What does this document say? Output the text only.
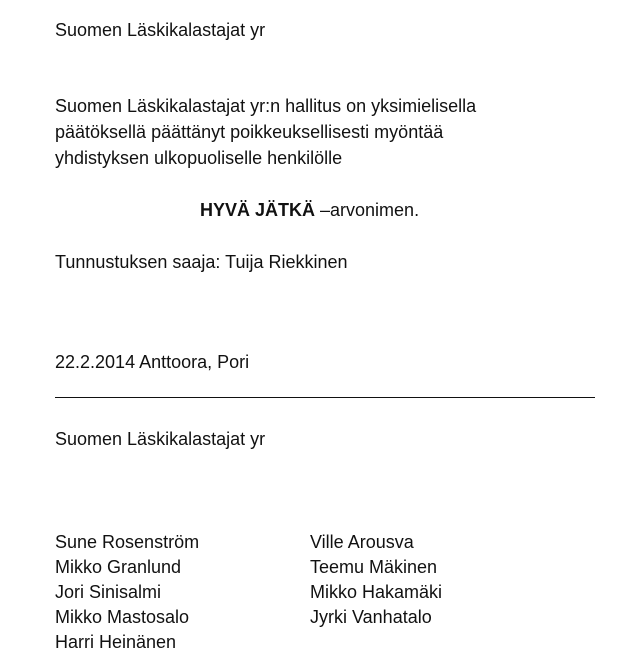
Suomen Läskikalastajat yr
Suomen Läskikalastajat yr:n hallitus on yksimielisella
päätöksellä päättänyt poikkeuksellisesti myöntää
yhdistyksen ulkopuoliselle henkilölle
HYVÄ JÄTKÄ –arvonimen.
Tunnustuksen saaja: Tuija Riekkinen
22.2.2014 Anttoora, Pori
Suomen Läskikalastajat yr
Sune Rosenström
Mikko Granlund
Jori Sinisalmi
Mikko Mastosalo
Harri Heinänen
Ville Arousva
Teemu Mäkinen
Mikko Hakamäki
Jyrki Vanhatalo
